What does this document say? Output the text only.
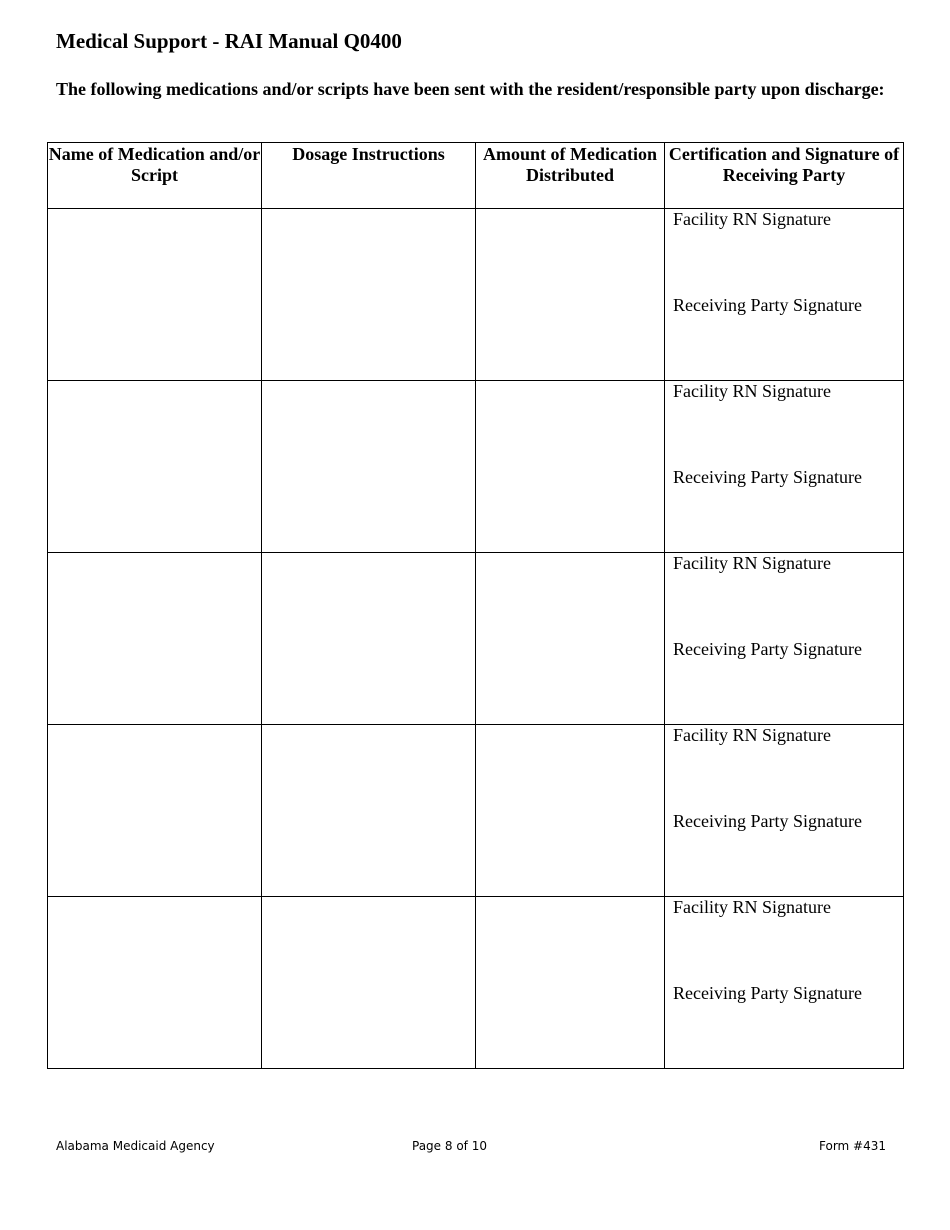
Medical Support - RAI Manual Q0400

The following medications and/or scripts have been sent with the resident/responsible party upon discharge:

Name of Medication and/or Script	Dosage Instructions	Amount of Medication Distributed	Certification and Signature of Receiving Party

			Facility RN Signature
Receiving Party Signature

			Facility RN Signature
Receiving Party Signature

			Facility RN Signature
Receiving Party Signature

			Facility RN Signature
Receiving Party Signature

			Facility RN Signature
Receiving Party Signature
Alabama Medicaid Agency	Page 8 of 10	Form #431
